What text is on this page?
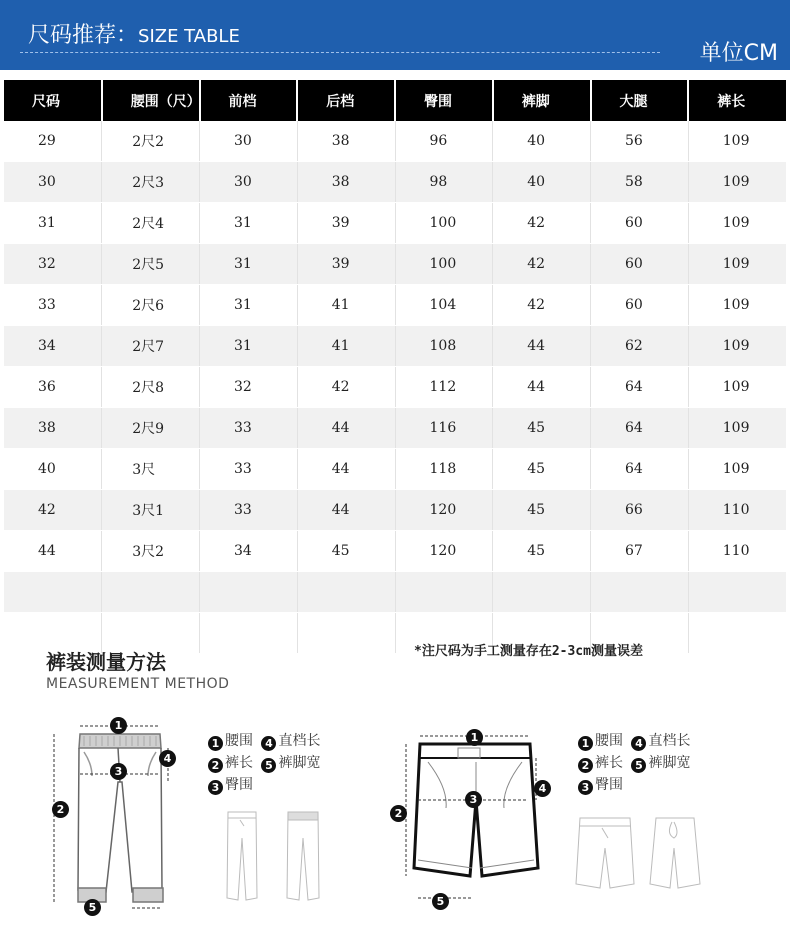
尺码推荐：SIZE TABLE
单位CM
尺码	腰围（尺）	前档	后档	臀围	裤脚	大腿	裤长
29	2尺2	30	38	96	40	56	109
30	2尺3	30	38	98	40	58	109
31	2尺4	31	39	100	42	60	109
32	2尺5	31	39	100	42	60	109
33	2尺6	31	41	104	42	60	109
34	2尺7	31	41	108	44	62	109
36	2尺8	32	42	112	44	64	109
38	2尺9	33	44	116	45	64	109
40	3尺	33	44	118	45	64	109
42	3尺1	33	44	120	45	66	110
44	3尺2	34	45	120	45	67	110

裤装测量方法
MEASUREMENT METHOD
*注尺码为手工测量存在2-3cm测量误差
1
2
3
4
5
1 腰围 4 直档长
2 裤长 5 裤脚宽
3 臀围
1
2
3
4
5
1 腰围 4 直档长
2 裤长 5 裤脚宽
3 臀围
